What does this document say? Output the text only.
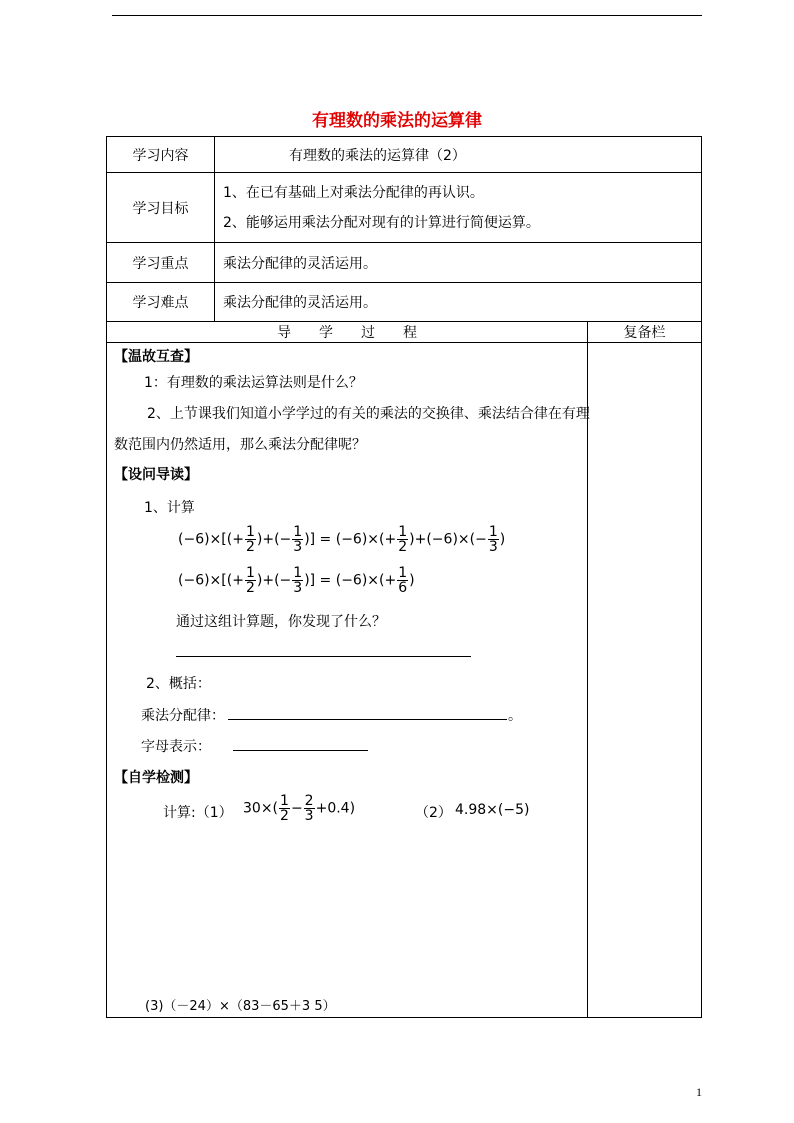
有理数的乘法的运算律
学习内容	有理数的乘法的运算律（2）	
学习目标	1、在已有基础上对乘法分配律的再认识。

2、能够运用乘法分配对现有的计算进行简便运算。	

学习重点	乘法分配律的灵活运用。	
学习难点	乘法分配律的灵活运用。	
导　　学　　过　　程		复备栏

【温故互查】
1：有理数的乘法运算法则是什么？
2、上节课我们知道小学学过的有关的乘法的交换律、乘法结合律在有理
数范围内仍然适用，那么乘法分配律呢？
【设问导读】
1、计算
$(-6)\times[(+ \frac{1}{2}$ )+(− $\frac{1}{3}$ )] = $(-6)\times(+ \frac{1}{2} )+(-6)\times(- \frac{1}{3}$ )
$(-6)\times[(+ \frac{1}{2}$ )+(− $\frac{1}{3}$ )] = $(-6)\times(+ \frac{1}{6}$ )
通过这组计算题，你发现了什么？
2、概括：
乘法分配律：	。
字母表示：
【自学检测】
计算:（1） $30\times( \frac{1}{2} - \frac{2}{3} +0.4)$	（2） 4.98×(−5)
(3)（－24）×（83－65＋3 5）
1
